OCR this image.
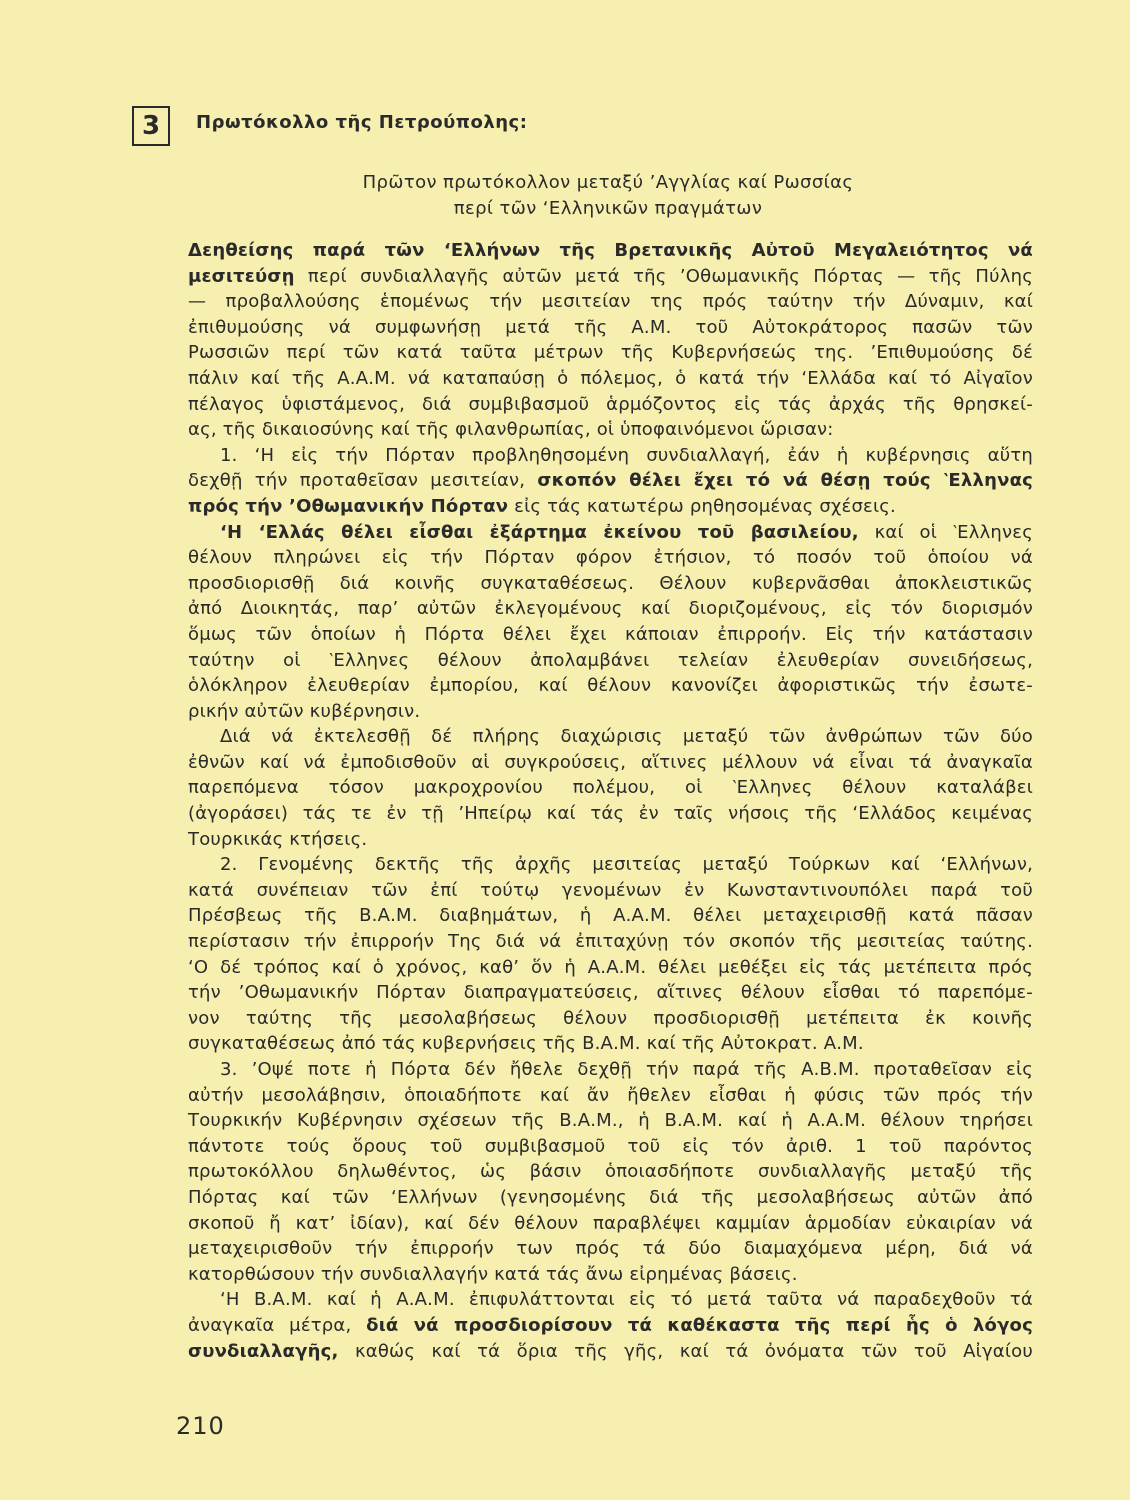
3	Πρωτόκολλο τῆς Πετρούπολης:
Πρῶτον πρωτόκολλον μεταξύ ’Αγγλίας καί Ρωσσίας
περί τῶν ‘Ελληνικῶν πραγμάτων
Δεηθείσης παρά τῶν ‘Ελλήνων τῆς Βρετανικῆς Αὐτοῦ Μεγαλειότητος νά
μεσιτεύσῃ περί συνδιαλλαγῆς αὐτῶν μετά τῆς ’Οθωμανικῆς Πόρτας — τῆς Πύλης
— προβαλλούσης ἑπομένως τήν μεσιτείαν της πρός ταύτην τήν Δύναμιν, καί
ἐπιθυμούσης νά συμφωνήσῃ μετά τῆς Α.Μ. τοῦ Αὐτοκράτορος πασῶν τῶν
Ρωσσιῶν περί τῶν κατά ταῦτα μέτρων τῆς Κυβερνήσεώς της. ’Επιθυμούσης δέ
πάλιν καί τῆς Α.Α.Μ. νά καταπαύσῃ ὁ πόλεμος, ὁ κατά τήν ‘Ελλάδα καί τό Αἰγαῖον
πέλαγος ὑφιστάμενος, διά συμβιβασμοῦ ἁρμόζοντος εἰς τάς ἀρχάς τῆς θρησκεί-
ας, τῆς δικαιοσύνης καί τῆς φιλανθρωπίας, οἱ ὑποφαινόμενοι ὥρισαν:
1. ‘Η εἰς τήν Πόρταν προβληθησομένη συνδιαλλαγή, ἐάν ἡ κυβέρνησις αὕτη
δεχθῇ τήν προταθεῖσαν μεσιτείαν, σκοπόν θέλει ἔχει τό νά θέσῃ τούς ‵Ελληνας
πρός τήν ’Οθωμανικήν Πόρταν εἰς τάς κατωτέρω ρηθησομένας σχέσεις.
‘Η ‘Ελλάς θέλει εἶσθαι ἐξάρτημα ἐκείνου τοῦ βασιλείου, καί οἱ ‵Ελληνες
θέλουν πληρώνει εἰς τήν Πόρταν φόρον ἐτήσιον, τό ποσόν τοῦ ὁποίου νά
προσδιορισθῇ διά κοινῆς συγκαταθέσεως. Θέλουν κυβερνᾶσθαι ἀποκλειστικῶς
ἀπό Διοικητάς, παρ’ αὐτῶν ἐκλεγομένους καί διοριζομένους, εἰς τόν διορισμόν
ὅμως τῶν ὁποίων ἡ Πόρτα θέλει ἔχει κάποιαν ἐπιρροήν. Εἰς τήν κατάστασιν
ταύτην οἱ ‵Ελληνες θέλουν ἀπολαμβάνει τελείαν ἐλευθερίαν συνειδήσεως,
ὁλόκληρον ἐλευθερίαν ἐμπορίου, καί θέλουν κανονίζει ἀφοριστικῶς τήν ἐσωτε-
ρικήν αὐτῶν κυβέρνησιν.
Διά νά ἐκτελεσθῇ δέ πλήρης διαχώρισις μεταξύ τῶν ἀνθρώπων τῶν δύο
ἐθνῶν καί νά ἐμποδισθοῦν αἱ συγκρούσεις, αἵτινες μέλλουν νά εἶναι τά ἀναγκαῖα
παρεπόμενα τόσον μακροχρονίου πολέμου, οἱ ‵Ελληνες θέλουν καταλάβει
(ἀγοράσει) τάς τε ἐν τῇ ’Ηπείρῳ καί τάς ἐν ταῖς νήσοις τῆς ‘Ελλάδος κειμένας
Τουρκικάς κτήσεις.
2. Γενομένης δεκτῆς τῆς ἀρχῆς μεσιτείας μεταξύ Τούρκων καί ‘Ελλήνων,
κατά συνέπειαν τῶν ἐπί τούτῳ γενομένων ἐν Κωνσταντινουπόλει παρά τοῦ
Πρέσβεως τῆς Β.Α.Μ. διαβημάτων, ἡ Α.Α.Μ. θέλει μεταχειρισθῇ κατά πᾶσαν
περίστασιν τήν ἐπιρροήν Της διά νά ἐπιταχύνῃ τόν σκοπόν τῆς μεσιτείας ταύτης.
‘Ο δέ τρόπος καί ὁ χρόνος, καθ’ ὅν ἡ Α.Α.Μ. θέλει μεθέξει εἰς τάς μετέπειτα πρός
τήν ’Οθωμανικήν Πόρταν διαπραγματεύσεις, αἵτινες θέλουν εἶσθαι τό παρεπόμε-
νον ταύτης τῆς μεσολαβήσεως θέλουν προσδιορισθῇ μετέπειτα ἐκ κοινῆς
συγκαταθέσεως ἀπό τάς κυβερνήσεις τῆς Β.Α.Μ. καί τῆς Αὐτοκρατ. Α.Μ.
3. ’Οψέ ποτε ἡ Πόρτα δέν ἤθελε δεχθῇ τήν παρά τῆς Α.Β.Μ. προταθεῖσαν εἰς
αὐτήν μεσολάβησιν, ὁποιαδήποτε καί ἄν ἤθελεν εἶσθαι ἡ φύσις τῶν πρός τήν
Τουρκικήν Κυβέρνησιν σχέσεων τῆς Β.Α.Μ., ἡ Β.Α.Μ. καί ἡ Α.Α.Μ. θέλουν τηρήσει
πάντοτε τούς ὅρους τοῦ συμβιβασμοῦ τοῦ εἰς τόν ἀριθ. 1 τοῦ παρόντος
πρωτοκόλλου δηλωθέντος, ὡς βάσιν ὁποιασδήποτε συνδιαλλαγῆς μεταξύ τῆς
Πόρτας καί τῶν ‘Ελλήνων (γενησομένης διά τῆς μεσολαβήσεως αὐτῶν ἀπό
σκοποῦ ἤ κατ’ ἰδίαν), καί δέν θέλουν παραβλέψει καμμίαν ἁρμοδίαν εὐκαιρίαν νά
μεταχειρισθοῦν τήν ἐπιρροήν των πρός τά δύο διαμαχόμενα μέρη, διά νά
κατορθώσουν τήν συνδιαλλαγήν κατά τάς ἄνω εἰρημένας βάσεις.
‘Η Β.Α.Μ. καί ἡ Α.Α.Μ. ἐπιφυλάττονται εἰς τό μετά ταῦτα νά παραδεχθοῦν τά
ἀναγκαῖα μέτρα, διά νά προσδιορίσουν τά καθέκαστα τῆς περί ἧς ὁ λόγος
συνδιαλλαγῆς, καθώς καί τά ὅρια τῆς γῆς, καί τά ὀνόματα τῶν τοῦ Αἰγαίου
210
